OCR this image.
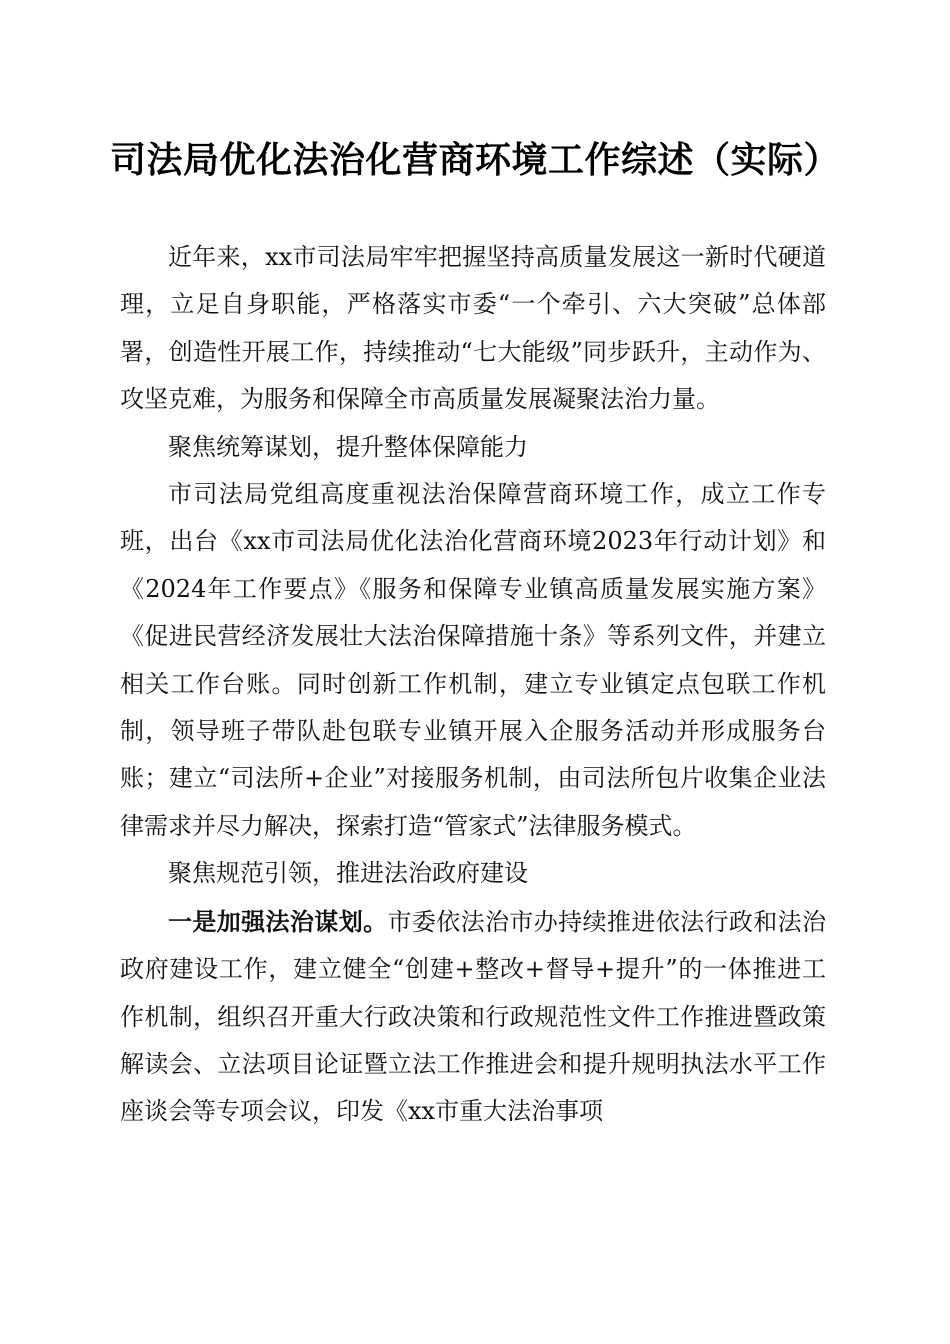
司法局优化法治化营商环境工作综述（实际）

近年来，xx市司法局牢牢把握坚持高质量发展这一新时代硬道理，立足自身职能，严格落实市委“一个牵引、六大突破”总体部署，创造性开展工作，持续推动“七大能级”同步跃升，主动作为、攻坚克难，为服务和保障全市高质量发展凝聚法治力量。

聚焦统筹谋划，提升整体保障能力

市司法局党组高度重视法治保障营商环境工作，成立工作专班，出台《xx市司法局优化法治化营商环境2023年行动计划》和《2024年工作要点》《服务和保障专业镇高质量发展实施方案》《促进民营经济发展壮大法治保障措施十条》等系列文件，并建立相关工作台账。同时创新工作机制，建立专业镇定点包联工作机制，领导班子带队赴包联专业镇开展入企服务活动并形成服务台账；建立“司法所+企业”对接服务机制，由司法所包片收集企业法律需求并尽力解决，探索打造“管家式”法律服务模式。

聚焦规范引领，推进法治政府建设

一是加强法治谋划。市委依法治市办持续推进依法行政和法治政府建设工作，建立健全“创建+整改+督导+提升”的一体推进工作机制，组织召开重大行政决策和行政规范性文件工作推进暨政策解读会、立法项目论证暨立法工作推进会和提升规明执法水平工作座谈会等专项会议，印发《xx市重大法治事项
